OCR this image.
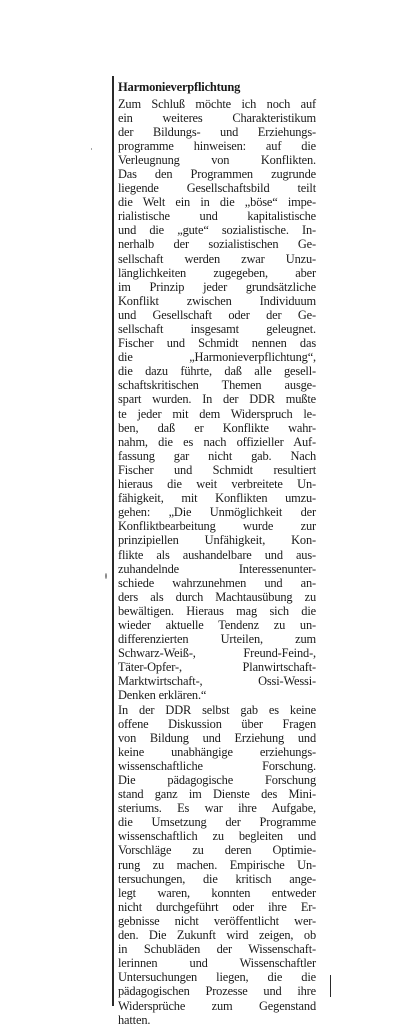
Harmonieverpflichtung
Zum Schluß möchte ich noch auf
ein weiteres Charakteristikum
der Bildungs- und Erziehungs-
programme hinweisen: auf die
Verleugnung von Konflikten.
Das den Programmen zugrunde
liegende Gesellschaftsbild teilt
die Welt ein in die „böse“ impe-
rialistische und kapitalistische
und die „gute“ sozialistische. In-
nerhalb der sozialistischen Ge-
sellschaft werden zwar Unzu-
länglichkeiten zugegeben, aber
im Prinzip jeder grundsätzliche
Konflikt zwischen Individuum
und Gesellschaft oder der Ge-
sellschaft insgesamt geleugnet.
Fischer und Schmidt nennen das
die „Harmonieverpflichtung“,
die dazu führte, daß alle gesell-
schaftskritischen Themen ausge-
spart wurden. In der DDR mußte
te jeder mit dem Widerspruch le-
ben, daß er Konflikte wahr-
nahm, die es nach offizieller Auf-
fassung gar nicht gab. Nach
Fischer und Schmidt resultiert
hieraus die weit verbreitete Un-
fähigkeit, mit Konflikten umzu-
gehen: „Die Unmöglichkeit der
Konfliktbearbeitung wurde zur
prinzipiellen Unfähigkeit, Kon-
flikte als aushandelbare und aus-
zuhandelnde Interessenunter-
schiede wahrzunehmen und an-
ders als durch Machtausübung zu
bewältigen. Hieraus mag sich die
wieder aktuelle Tendenz zu un-
differenzierten Urteilen, zum
Schwarz-Weiß-, Freund-Feind-,
Täter-Opfer-, Planwirtschaft-
Marktwirtschaft-, Ossi-Wessi-
Denken erklären.“
In der DDR selbst gab es keine
offene Diskussion über Fragen
von Bildung und Erziehung und
keine unabhängige erziehungs-
wissenschaftliche Forschung.
Die pädagogische Forschung
stand ganz im Dienste des Mini-
steriums. Es war ihre Aufgabe,
die Umsetzung der Programme
wissenschaftlich zu begleiten und
Vorschläge zu deren Optimie-
rung zu machen. Empirische Un-
tersuchungen, die kritisch ange-
legt waren, konnten entweder
nicht durchgeführt oder ihre Er-
gebnisse nicht veröffentlicht wer-
den. Die Zukunft wird zeigen, ob
in Schubläden der Wissenschaft-
lerinnen und Wissenschaftler
Untersuchungen liegen, die die
pädagogischen Prozesse und ihre
Widersprüche zum Gegenstand
hatten.
